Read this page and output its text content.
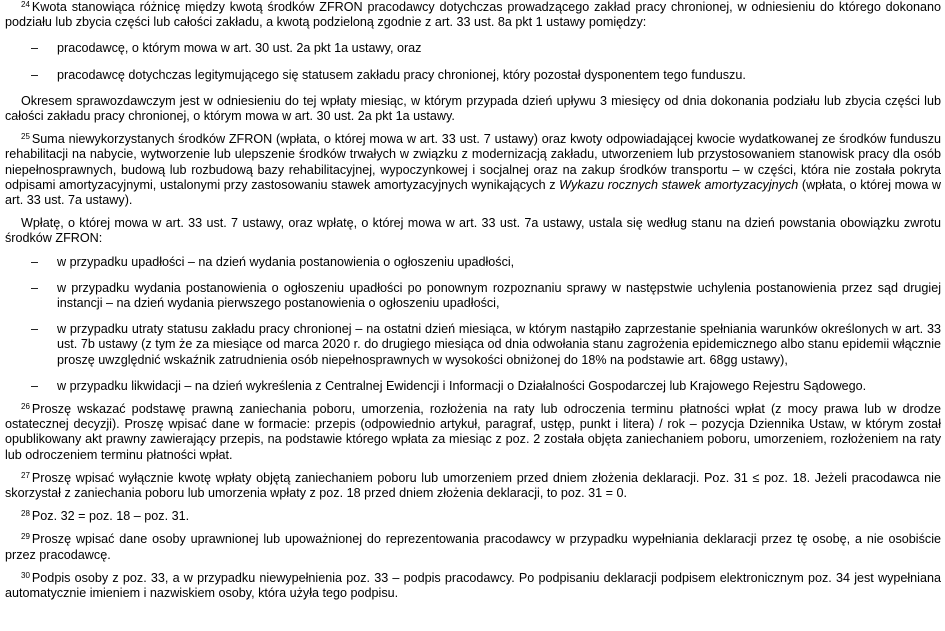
$^{24}$ Kwota stanowiąca różnicę między kwotą środków ZFRON pracodawcy dotychczas prowadzącego zakład pracy chronionej, w odniesieniu do którego dokonano podziału lub zbycia części lub całości zakładu, a kwotą podzieloną zgodnie z art. 33 ust. 8a pkt 1 ustawy pomiędzy:

–	pracodawcę, o którym mowa w art. 30 ust. 2a pkt 1a ustawy, oraz
–	pracodawcę dotychczas legitymującego się statusem zakładu pracy chronionej, który pozostał dysponentem tego funduszu.

Okresem sprawozdawczym jest w odniesieniu do tej wpłaty miesiąc, w którym przypada dzień upływu 3 miesięcy od dnia dokonania podziału lub zbycia części lub całości zakładu pracy chronionej, o którym mowa w art. 30 ust. 2a pkt 1a ustawy.

$^{25}$ Suma niewykorzystanych środków ZFRON (wpłata, o której mowa w art. 33 ust. 7 ustawy) oraz kwoty odpowiadającej kwocie wydatkowanej ze środków funduszu rehabilitacji na nabycie, wytworzenie lub ulepszenie środków trwałych w związku z modernizacją zakładu, utworzeniem lub przystosowaniem stanowisk pracy dla osób niepełnosprawnych, budową lub rozbudową bazy rehabilitacyjnej, wypoczynkowej i socjalnej oraz na zakup środków transportu – w części, która nie została pokryta odpisami amortyzacyjnymi, ustalonymi przy zastosowaniu stawek amortyzacyjnych wynikających z Wykazu rocznych stawek amortyzacyjnych (wpłata, o której mowa w art. 33 ust. 7a ustawy).

Wpłatę, o której mowa w art. 33 ust. 7 ustawy, oraz wpłatę, o której mowa w art. 33 ust. 7a ustawy, ustala się według stanu na dzień powstania obowiązku zwrotu środków ZFRON:

–	w przypadku upadłości – na dzień wydania postanowienia o ogłoszeniu upadłości,
–	w przypadku wydania postanowienia o ogłoszeniu upadłości po ponownym rozpoznaniu sprawy w następstwie uchylenia postanowienia przez sąd drugiej instancji – na dzień wydania pierwszego postanowienia o ogłoszeniu upadłości,
–	w przypadku utraty statusu zakładu pracy chronionej – na ostatni dzień miesiąca, w którym nastąpiło zaprzestanie spełniania warunków określonych w art. 33 ust. 7b ustawy (z tym że za miesiące od marca 2020 r. do drugiego miesiąca od dnia odwołania stanu zagrożenia epidemicznego albo stanu epidemii włącznie proszę uwzględnić wskaźnik zatrudnienia osób niepełnosprawnych w wysokości obniżonej do 18% na podstawie art. 68gg ustawy),
–	w przypadku likwidacji – na dzień wykreślenia z Centralnej Ewidencji i Informacji o Działalności Gospodarczej lub Krajowego Rejestru Sądowego.

$^{26}$ Proszę wskazać podstawę prawną zaniechania poboru, umorzenia, rozłożenia na raty lub odroczenia terminu płatności wpłat (z mocy prawa lub w drodze ostatecznej decyzji). Proszę wpisać dane w formacie: przepis (odpowiednio artykuł, paragraf, ustęp, punkt i litera) / rok – pozycja Dziennika Ustaw, w którym został opublikowany akt prawny zawierający przepis, na podstawie którego wpłata za miesiąc z poz. 2 została objęta zaniechaniem poboru, umorzeniem, rozłożeniem na raty lub odroczeniem terminu płatności wpłat.

$^{27}$ Proszę wpisać wyłącznie kwotę wpłaty objętą zaniechaniem poboru lub umorzeniem przed dniem złożenia deklaracji. Poz. 31 ≤ poz. 18. Jeżeli pracodawca nie skorzystał z zaniechania poboru lub umorzenia wpłaty z poz. 18 przed dniem złożenia deklaracji, to poz. 31 = 0.

$^{28}$ Poz. 32 = poz. 18 – poz. 31.

$^{29}$ Proszę wpisać dane osoby uprawnionej lub upoważnionej do reprezentowania pracodawcy w przypadku wypełniania deklaracji przez tę osobę, a nie osobiście przez pracodawcę.

$^{30}$ Podpis osoby z poz. 33, a w przypadku niewypełnienia poz. 33 – podpis pracodawcy. Po podpisaniu deklaracji podpisem elektronicznym poz. 34 jest wypełniana automatycznie imieniem i nazwiskiem osoby, która użyła tego podpisu.
